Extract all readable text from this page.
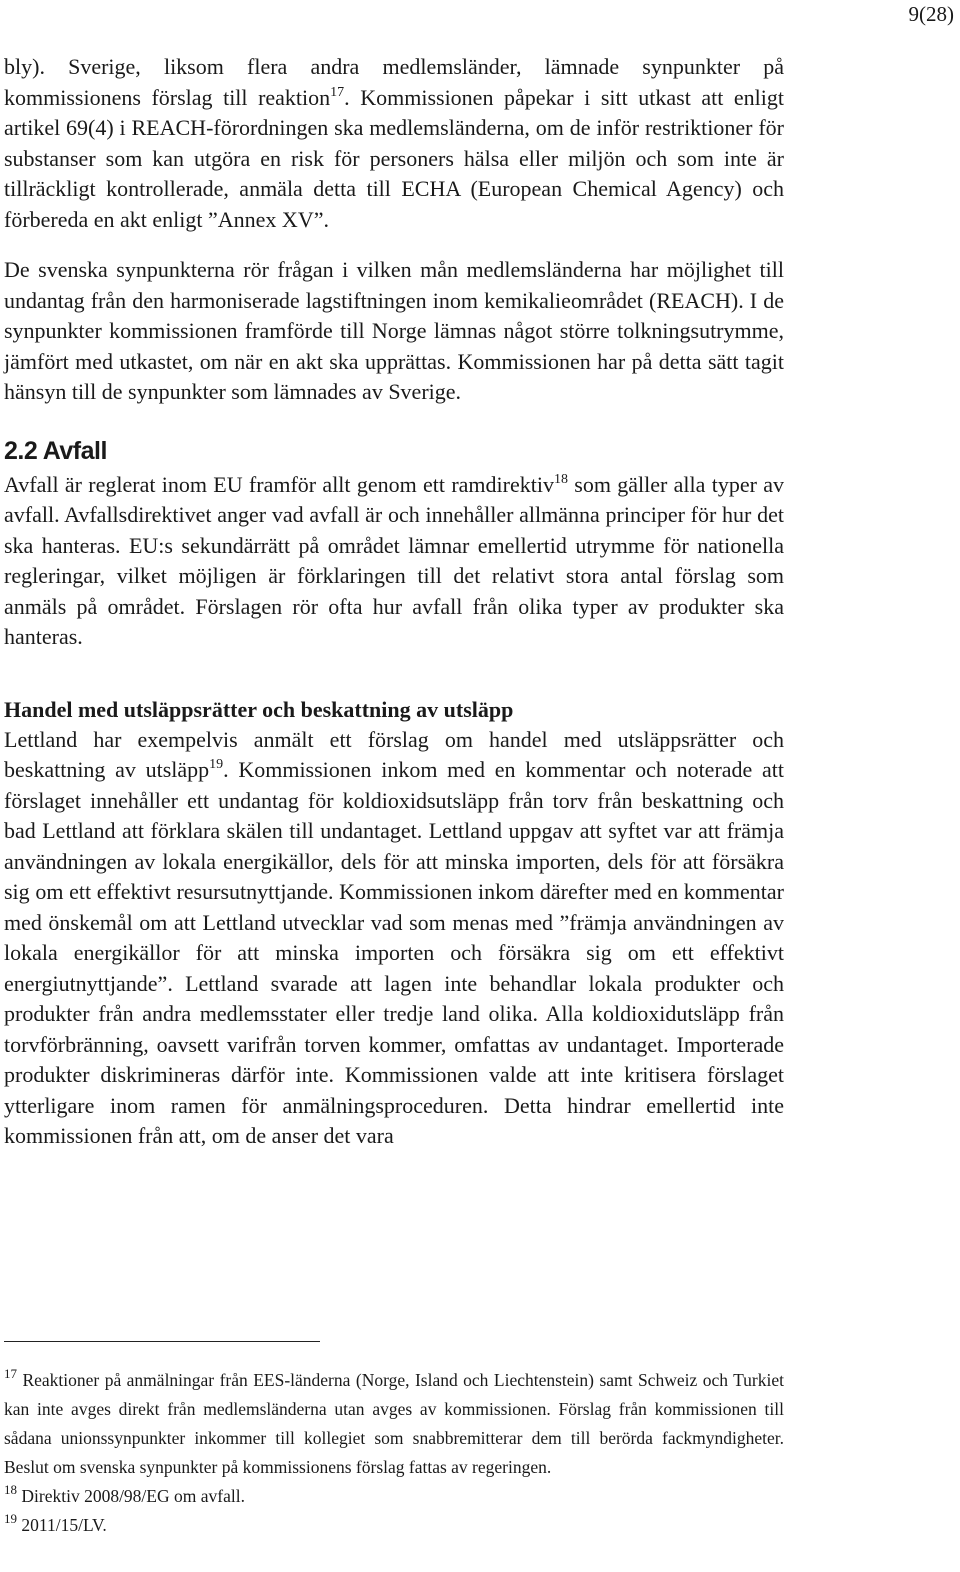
9(28)

bly). Sverige, liksom flera andra medlemsländer, lämnade synpunkter på kommissionens förslag till reaktion$^{17}$. Kommissionen påpekar i sitt utkast att enligt artikel 69(4) i REACH-förordningen ska medlemsländerna, om de inför restriktioner för substanser som kan utgöra en risk för personers hälsa eller miljön och som inte är tillräckligt kontrollerade, anmäla detta till ECHA (European Chemical Agency) och förbereda en akt enligt ”Annex XV”.

De svenska synpunkterna rör frågan i vilken mån medlemsländerna har möjlighet till undantag från den harmoniserade lagstiftningen inom kemikalieområdet (REACH). I de synpunkter kommissionen framförde till Norge lämnas något större tolkningsutrymme, jämfört med utkastet, om när en akt ska upprättas. Kommissionen har på detta sätt tagit hänsyn till de synpunkter som lämnades av Sverige.

2.2 Avfall

Avfall är reglerat inom EU framför allt genom ett ramdirektiv$^{18}$ som gäller alla typer av avfall. Avfallsdirektivet anger vad avfall är och innehåller allmänna principer för hur det ska hanteras. EU:s sekundärrätt på området lämnar emellertid utrymme för nationella regleringar, vilket möjligen är förklaringen till det relativt stora antal förslag som anmäls på området. Förslagen rör ofta hur avfall från olika typer av produkter ska hanteras.

Handel med utsläppsrätter och beskattning av utsläpp

Lettland har exempelvis anmält ett förslag om handel med utsläppsrätter och beskattning av utsläpp$^{19}$. Kommissionen inkom med en kommentar och noterade att förslaget innehåller ett undantag för koldioxidsutsläpp från torv från beskattning och bad Lettland att förklara skälen till undantaget. Lettland uppgav att syftet var att främja användningen av lokala energikällor, dels för att minska importen, dels för att försäkra sig om ett effektivt resursutnyttjande. Kommissionen inkom därefter med en kommentar med önskemål om att Lettland utvecklar vad som menas med ”främja användningen av lokala energikällor för att minska importen och försäkra sig om ett effektivt energiutnyttjande”. Lettland svarade att lagen inte behandlar lokala produkter och produkter från andra medlemsstater eller tredje land olika. Alla koldioxidutsläpp från torvförbränning, oavsett varifrån torven kommer, omfattas av undantaget. Importerade produkter diskrimineras därför inte. Kommissionen valde att inte kritisera förslaget ytterligare inom ramen för anmälningsproceduren. Detta hindrar emellertid inte kommissionen från att, om de anser det vara

$^{17}$ Reaktioner på anmälningar från EES-länderna (Norge, Island och Liechtenstein) samt Schweiz och Turkiet kan inte avges direkt från medlemsländerna utan avges av kommissionen. Förslag från kommissionen till sådana unionssynpunkter inkommer till kollegiet som snabbremitterar dem till berörda fackmyndigheter. Beslut om svenska synpunkter på kommissionens förslag fattas av regeringen.

$^{18}$ Direktiv 2008/98/EG om avfall.

$^{19}$ 2011/15/LV.
